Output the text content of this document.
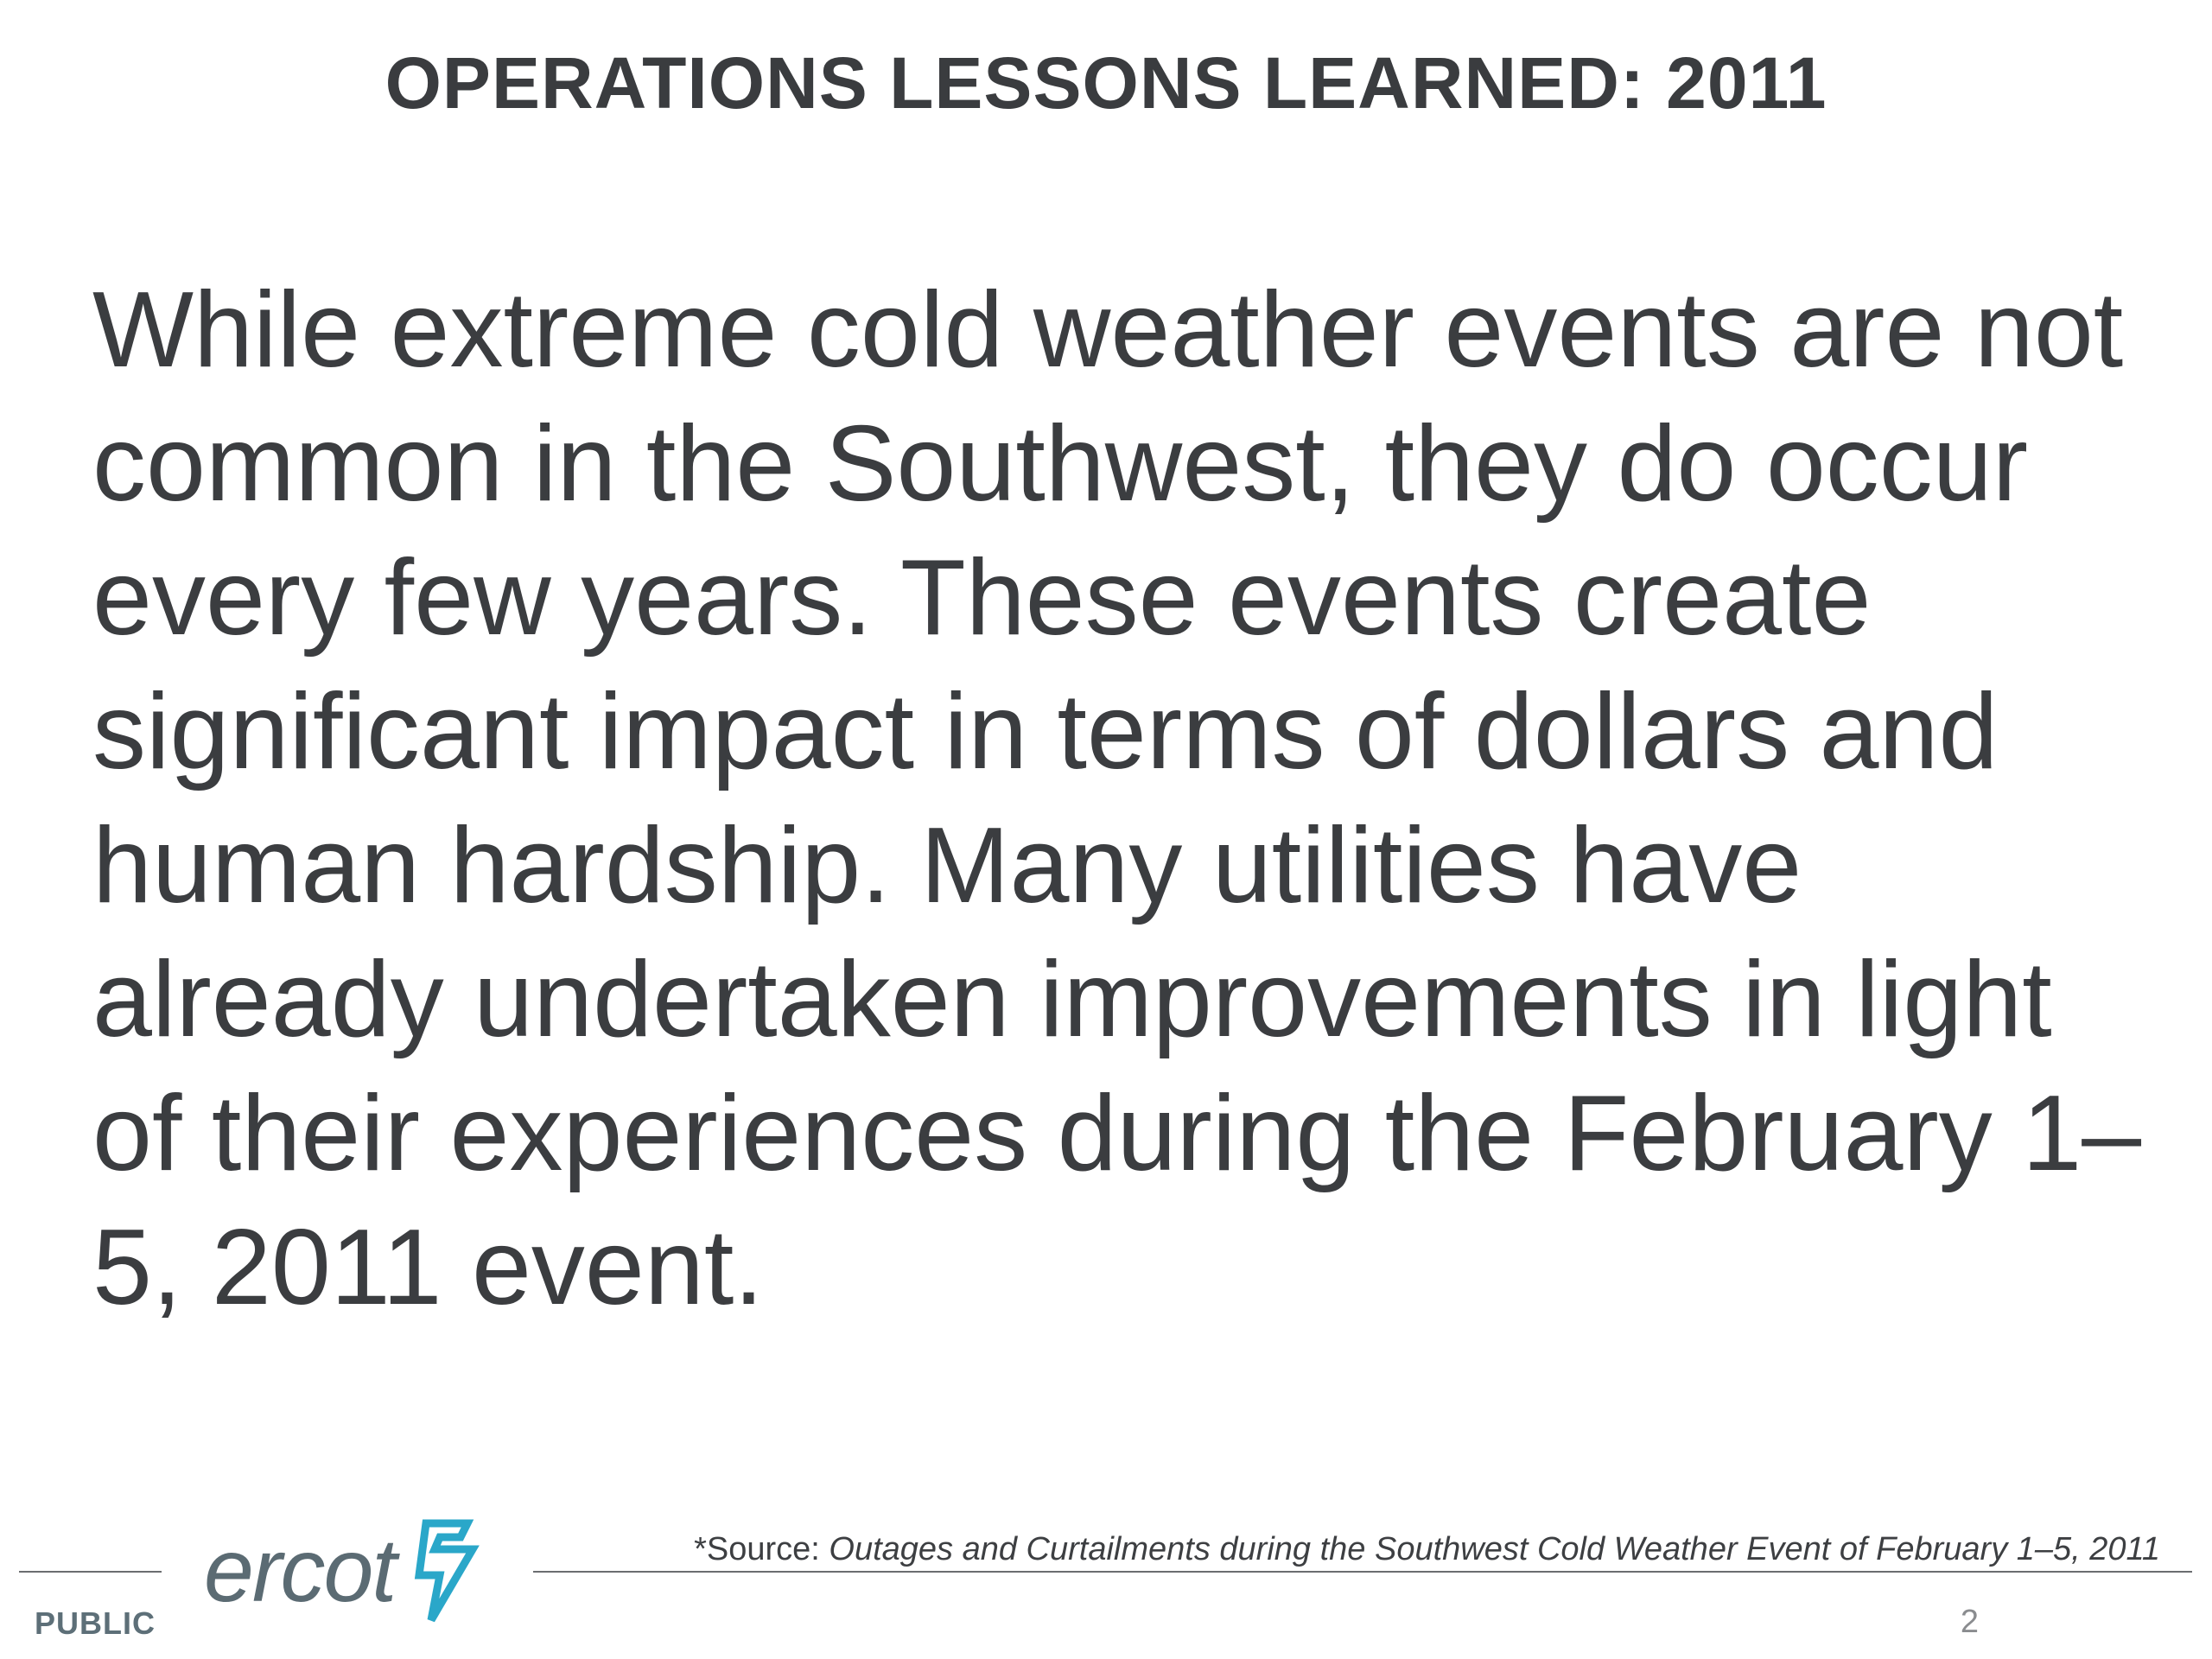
OPERATIONS LESSONS LEARNED: 2011

While extreme cold weather events are not common in the Southwest, they do occur every few years. These events create significant impact in terms of dollars and human hardship. Many utilities have already undertaken improvements in light of their experiences during the February 1–5, 2011 event.

ercot	*Source: Outages and Curtailments during the Southwest Cold Weather Event of February 1–5, 2011
PUBLIC	2
